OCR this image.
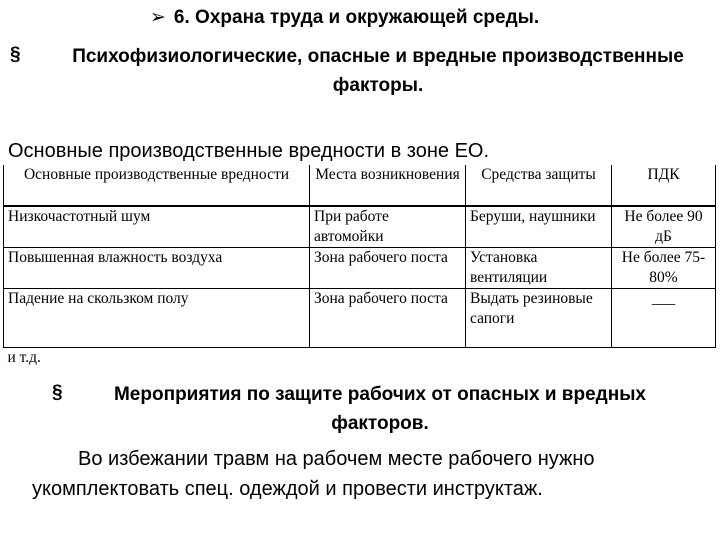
➢ 6. Охрана труда и окружающей среды.
§	Психофизиологические, опасные и вредные производственные факторы.
Основные производственные вредности в зоне ЕО.
Основные производственные вредности	Места возникновения	Средства защиты	ПДК
Низкочастотный шум	При работе автомойки	Беруши, наушники	Не более 90 дБ
Повышенная влажность воздуха	Зона рабочего поста	Установка вентиляции	Не более 75-80%
Падение на скользком полу	Зона рабочего поста	Выдать резиновые сапоги	___
и т.д.			
§	Мероприятия по защите рабочих от опасных и вредных факторов.
Во избежании травм на рабочем месте рабочего нужно укомплектовать спец. одеждой и провести инструктаж.
